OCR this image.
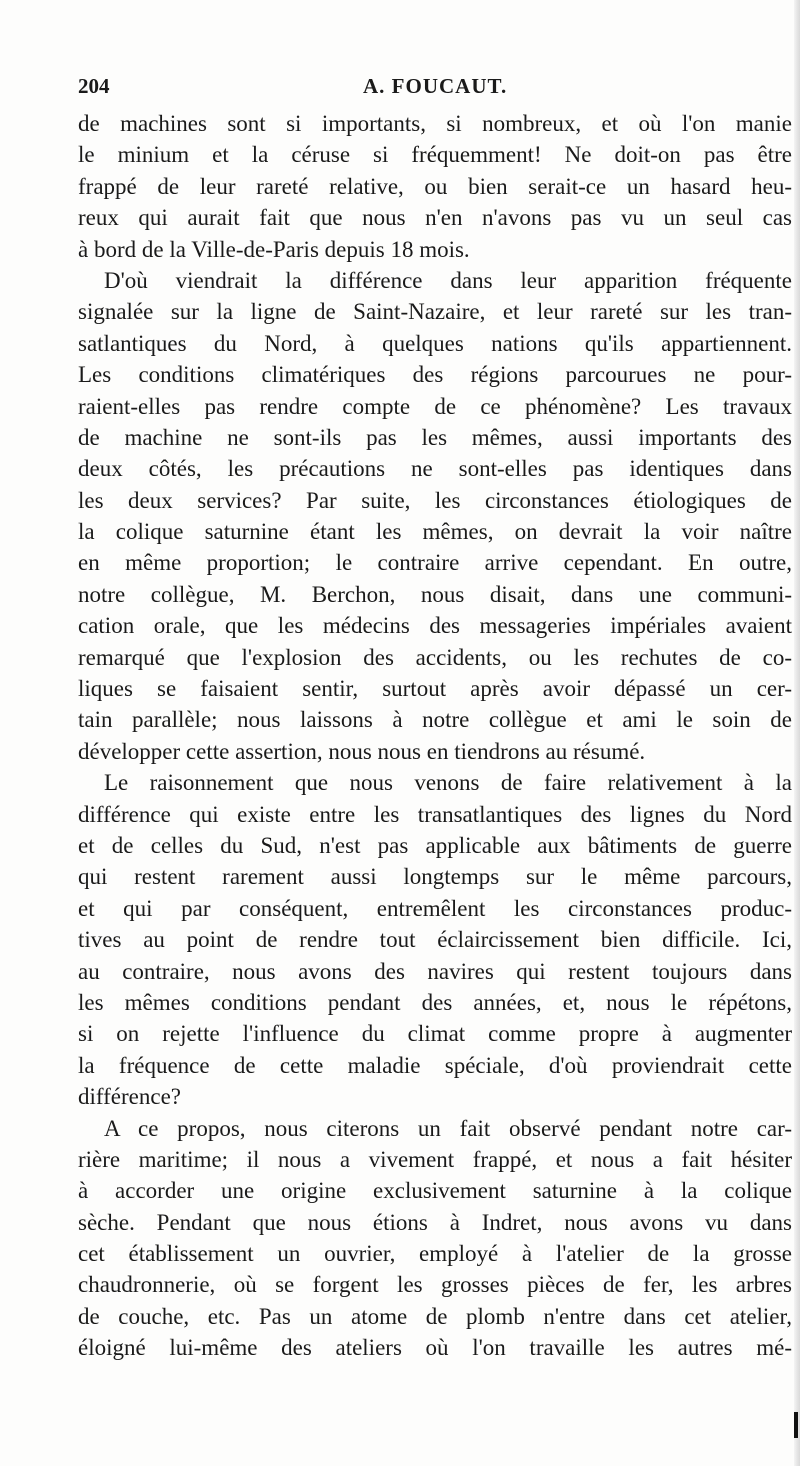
204	A. FOUCAUT.
de machines sont si importants, si nombreux, et où l'on manie
le minium et la céruse si fréquemment! Ne doit-on pas être
frappé de leur rareté relative, ou bien serait-ce un hasard heu-
reux qui aurait fait que nous n'en n'avons pas vu un seul cas
à bord de la Ville-de-Paris depuis 18 mois.
D'où viendrait la différence dans leur apparition fréquente
signalée sur la ligne de Saint-Nazaire, et leur rareté sur les tran-
satlantiques du Nord, à quelques nations qu'ils appartiennent.
Les conditions climatériques des régions parcourues ne pour-
raient-elles pas rendre compte de ce phénomène? Les travaux
de machine ne sont-ils pas les mêmes, aussi importants des
deux côtés, les précautions ne sont-elles pas identiques dans
les deux services? Par suite, les circonstances étiologiques de
la colique saturnine étant les mêmes, on devrait la voir naître
en même proportion; le contraire arrive cependant. En outre,
notre collègue, M. Berchon, nous disait, dans une communi-
cation orale, que les médecins des messageries impériales avaient
remarqué que l'explosion des accidents, ou les rechutes de co-
liques se faisaient sentir, surtout après avoir dépassé un cer-
tain parallèle; nous laissons à notre collègue et ami le soin de
développer cette assertion, nous nous en tiendrons au résumé.
Le raisonnement que nous venons de faire relativement à la
différence qui existe entre les transatlantiques des lignes du Nord
et de celles du Sud, n'est pas applicable aux bâtiments de guerre
qui restent rarement aussi longtemps sur le même parcours,
et qui par conséquent, entremêlent les circonstances produc-
tives au point de rendre tout éclaircissement bien difficile. Ici,
au contraire, nous avons des navires qui restent toujours dans
les mêmes conditions pendant des années, et, nous le répétons,
si on rejette l'influence du climat comme propre à augmenter
la fréquence de cette maladie spéciale, d'où proviendrait cette
différence?
A ce propos, nous citerons un fait observé pendant notre car-
rière maritime; il nous a vivement frappé, et nous a fait hésiter
à accorder une origine exclusivement saturnine à la colique
sèche. Pendant que nous étions à Indret, nous avons vu dans
cet établissement un ouvrier, employé à l'atelier de la grosse
chaudronnerie, où se forgent les grosses pièces de fer, les arbres
de couche, etc. Pas un atome de plomb n'entre dans cet atelier,
éloigné lui-même des ateliers où l'on travaille les autres mé-
